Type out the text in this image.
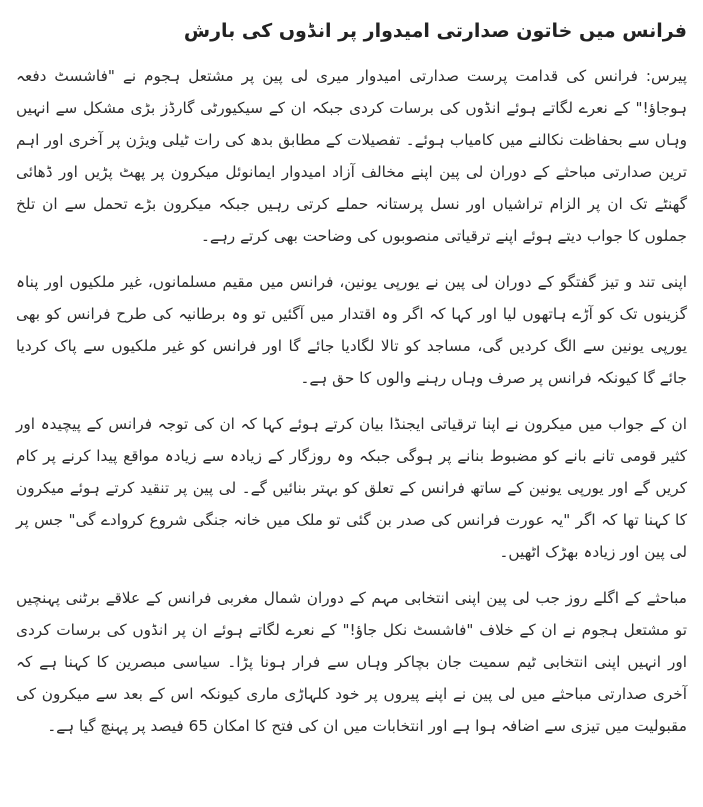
فرانس میں خاتون صدارتی امیدوار پر انڈوں کی بارش

پیرس: فرانس کی قدامت پرست صدارتی امیدوار میری لی پین پر مشتعل ہجوم نے "فاشسٹ دفعہ ہوجاؤ!" کے نعرے لگاتے ہوئے انڈوں کی برسات کردی جبکہ ان کے سیکیورٹی گارڈز بڑی مشکل سے انہیں وہاں سے بحفاظت نکالنے میں کامیاب ہوئے۔ تفصیلات کے مطابق بدھ کی رات ٹیلی ویژن پر آخری اور اہم ترین صدارتی مباحثے کے دوران لی پین اپنے مخالف آزاد امیدوار ایمانوئل میکرون پر پھٹ پڑیں اور ڈھائی گھنٹے تک ان پر الزام تراشیاں اور نسل پرستانہ حملے کرتی رہیں جبکہ میکرون بڑے تحمل سے ان تلخ جملوں کا جواب دیتے ہوئے اپنے ترقیاتی منصوبوں کی وضاحت بھی کرتے رہے۔

اپنی تند و تیز گفتگو کے دوران لی پین نے یورپی یونین، فرانس میں مقیم مسلمانوں، غیر ملکیوں اور پناہ گزینوں تک کو آڑے ہاتھوں لیا اور کہا کہ اگر وہ اقتدار میں آگئیں تو وہ برطانیہ کی طرح فرانس کو بھی یورپی یونین سے الگ کردیں گی، مساجد کو تالا لگادیا جائے گا اور فرانس کو غیر ملکیوں سے پاک کردیا جائے گا کیونکہ فرانس پر صرف وہاں رہنے والوں کا حق ہے۔

ان کے جواب میں میکرون نے اپنا ترقیاتی ایجنڈا بیان کرتے ہوئے کہا کہ ان کی توجہ فرانس کے پیچیدہ اور کثیر قومی تانے بانے کو مضبوط بنانے پر ہوگی جبکہ وہ روزگار کے زیادہ سے زیادہ مواقع پیدا کرنے پر کام کریں گے اور یورپی یونین کے ساتھ فرانس کے تعلق کو بہتر بنائیں گے۔ لی پین پر تنقید کرتے ہوئے میکرون کا کہنا تھا کہ اگر "یہ عورت فرانس کی صدر بن گئی تو ملک میں خانہ جنگی شروع کروادے گی" جس پر لی پین اور زیادہ بھڑک اٹھیں۔

مباحثے کے اگلے روز جب لی پین اپنی انتخابی مہم کے دوران شمال مغربی فرانس کے علاقے برٹنی پہنچیں تو مشتعل ہجوم نے ان کے خلاف "فاشسٹ نکل جاؤ!" کے نعرے لگاتے ہوئے ان پر انڈوں کی برسات کردی اور انہیں اپنی انتخابی ٹیم سمیت جان بچاکر وہاں سے فرار ہونا پڑا۔ سیاسی مبصرین کا کہنا ہے کہ آخری صدارتی مباحثے میں لی پین نے اپنے پیروں پر خود کلہاڑی ماری کیونکہ اس کے بعد سے میکرون کی مقبولیت میں تیزی سے اضافہ ہوا ہے اور انتخابات میں ان کی فتح کا امکان 65 فیصد پر پہنچ گیا ہے۔
